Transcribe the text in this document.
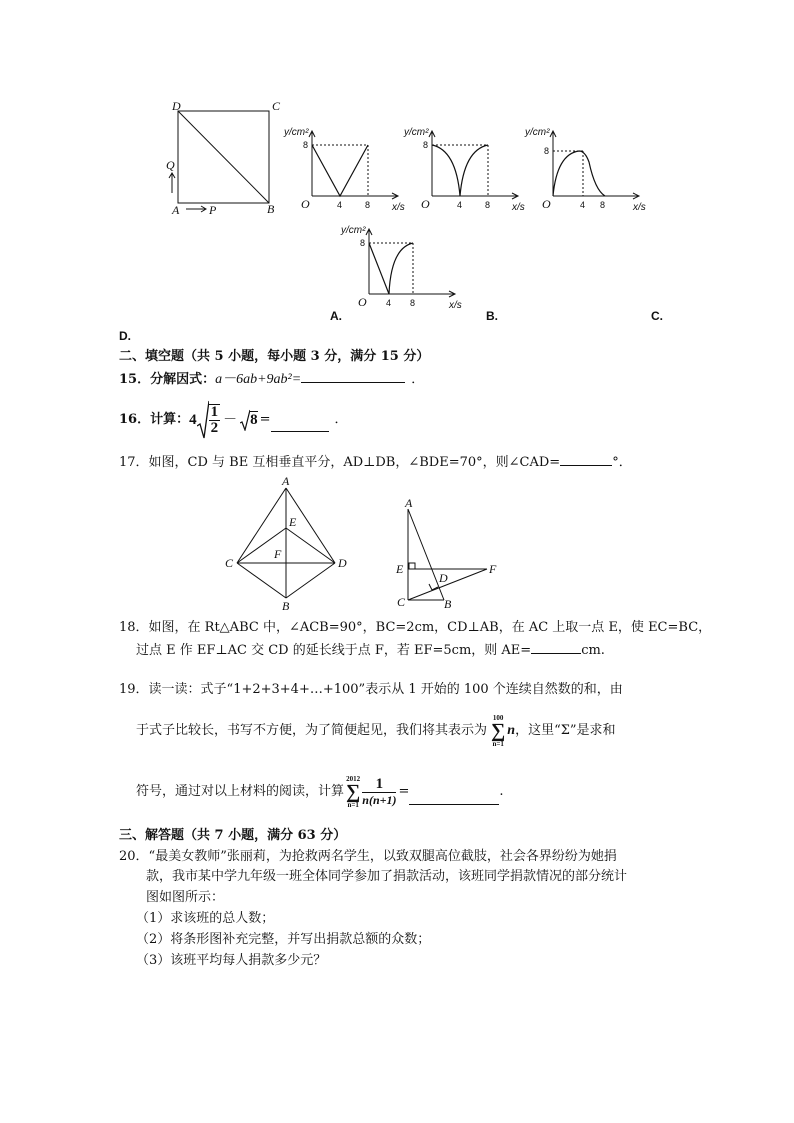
D	C
Q
A P	B
y/cm²
8
O	4	8 x/s
y/cm²
8
O	4	8 x/s
y/cm²
8
O	4 8	x/s
y/cm²
8
O 4 8	x/s
A.	B.	C.
D.
二、填空题（共 5 小题，每小题 3 分，满分 15 分）
15．分解因式：a－6ab+9ab²=	．
16．计算： $4 \frac{1}{2} - 8$ =	．
17．如图，CD 与 BE 互相垂直平分，AD⊥DB，∠BDE=70°，则∠CAD=	°．
A
E
F
C	D
B
A
E	F
D
C	B
18．如图，在 Rt△ABC 中，∠ACB=90°，BC=2cm，CD⊥AB，在 AC 上取一点 E，使 EC=BC，
过点 E 作 EF⊥AC 交 CD 的延长线于点 F，若 EF=5cm，则 AE=	cm.
19．读一读：式子“1+2+3+4+…+100”表示从 1 开始的 100 个连续自然数的和，由
于式子比较长，书写不方便，为了简便起见，我们将其表示为
100
∑
n=1
n ，这里“Σ”是求和
符号，通过对以上材料的阅读，计算
2012
∑
$n=1 \frac{1}{n(n+1)}$ =	.
三、解答题（共 7 小题，满分 63 分）
20．“最美女教师”张丽莉，为抢救两名学生，以致双腿高位截肢，社会各界纷纷为她捐
款，我市某中学九年级一班全体同学参加了捐款活动，该班同学捐款情况的部分统计
图如图所示：
（1）求该班的总人数；
（2）将条形图补充完整，并写出捐款总额的众数；
（3）该班平均每人捐款多少元？
